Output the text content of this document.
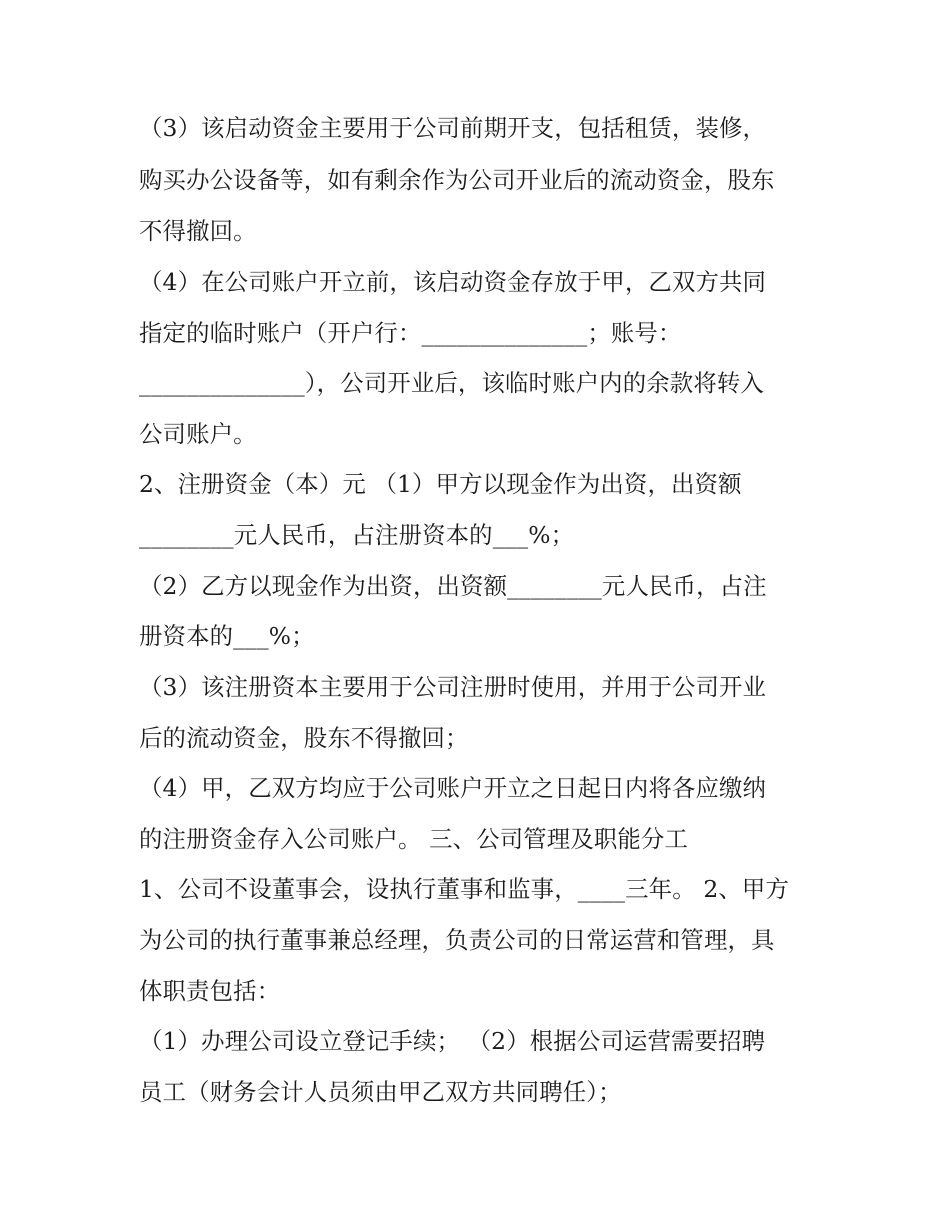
（3）该启动资金主要用于公司前期开支，包括租赁，装修，
购买办公设备等，如有剩余作为公司开业后的流动资金，股东
不得撤回。
（4）在公司账户开立前，该启动资金存放于甲，乙双方共同
指定的临时账户（开户行：______________；账号：
______________），公司开业后，该临时账户内的余款将转入
公司账户。
2、注册资金（本）元 （1）甲方以现金作为出资，出资额
________元人民币，占注册资本的___%；
（2）乙方以现金作为出资，出资额________元人民币，占注
册资本的___%；
（3）该注册资本主要用于公司注册时使用，并用于公司开业
后的流动资金，股东不得撤回；
（4）甲，乙双方均应于公司账户开立之日起日内将各应缴纳
的注册资金存入公司账户。 三、公司管理及职能分工
1、公司不设董事会，设执行董事和监事，____三年。 2、甲方
为公司的执行董事兼总经理，负责公司的日常运营和管理，具
体职责包括：
（1）办理公司设立登记手续； （2）根据公司运营需要招聘
员工（财务会计人员须由甲乙双方共同聘任）；
